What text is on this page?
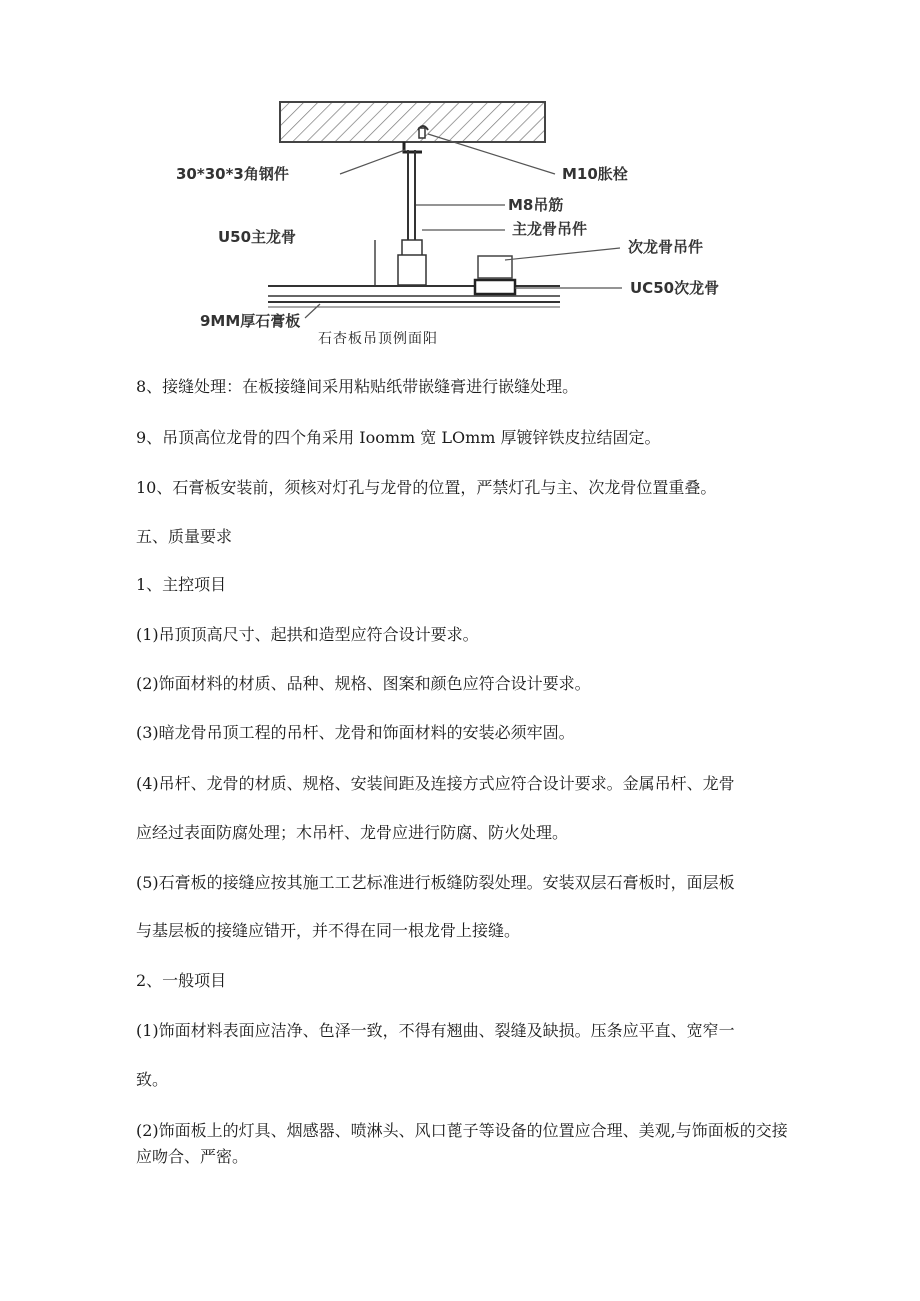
30*30*3角钢件	M10胀栓
M8吊筋
U50主龙骨	主龙骨吊件
次龙骨吊件
UC50次龙骨
9MM厚石膏板
石杏板吊顶例面阳
8、接缝处理：在板接缝间采用粘贴纸带嵌缝膏进行嵌缝处理。
9、吊顶高位龙骨的四个角采用 Ioomm 宽 LOmm 厚镀锌铁皮拉结固定。
10、石膏板安装前，须核对灯孔与龙骨的位置，严禁灯孔与主、次龙骨位置重叠。
五、质量要求
1、主控项目
(1)吊顶顶高尺寸、起拱和造型应符合设计要求。
(2)饰面材料的材质、品种、规格、图案和颜色应符合设计要求。
(3)暗龙骨吊顶工程的吊杆、龙骨和饰面材料的安装必须牢固。
(4)吊杆、龙骨的材质、规格、安装间距及连接方式应符合设计要求。金属吊杆、龙骨
应经过表面防腐处理；木吊杆、龙骨应进行防腐、防火处理。
(5)石膏板的接缝应按其施工工艺标准进行板缝防裂处理。安装双层石膏板时，面层板
与基层板的接缝应错开，并不得在同一根龙骨上接缝。
2、一般项目
(1)饰面材料表面应洁净、色泽一致，不得有翘曲、裂缝及缺损。压条应平直、宽窄一
致。
(2)饰面板上的灯具、烟感器、喷淋头、风口蓖子等设备的位置应合理、美观,与饰面板的交接应吻合、严密。
